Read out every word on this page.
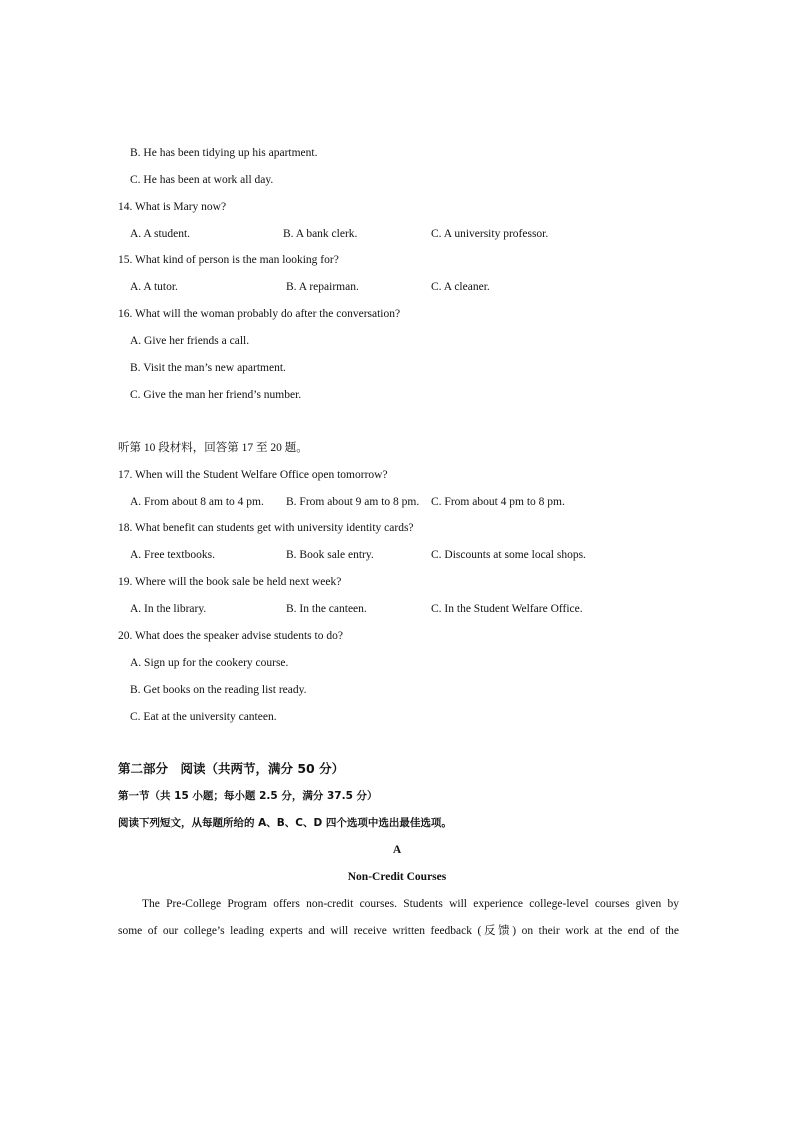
B. He has been tidying up his apartment.
C. He has been at work all day.
14. What is Mary now?
A. A student.	B. A bank clerk.	C. A university professor.
15. What kind of person is the man looking for?
A. A tutor.	B. A repairman.	C. A cleaner.
16. What will the woman probably do after the conversation?
A. Give her friends a call.
B. Visit the man’s new apartment.
C. Give the man her friend’s number.
听第 10 段材料，回答第 17 至 20 题。
17. When will the Student Welfare Office open tomorrow?
A. From about 8 am to 4 pm. B. From about 9 am to 8 pm. C. From about 4 pm to 8 pm.
18. What benefit can students get with university identity cards?
A. Free textbooks.	B. Book sale entry.	C. Discounts at some local shops.
19. Where will the book sale be held next week?
A. In the library.	B. In the canteen.	C. In the Student Welfare Office.
20. What does the speaker advise students to do?
A. Sign up for the cookery course.
B. Get books on the reading list ready.
C. Eat at the university canteen.
第二部分　阅读（共两节，满分 50 分）
第一节（共 15 小题；每小题 2.5 分，满分 37.5 分）
阅读下列短文，从每题所给的 A、B、C、D 四个选项中选出最佳选项。
A
Non-Credit Courses
The Pre-College Program offers non-credit courses. Students will experience college-level courses given by
some of our college’s leading experts and will receive written feedback (反馈) on their work at the end of the
